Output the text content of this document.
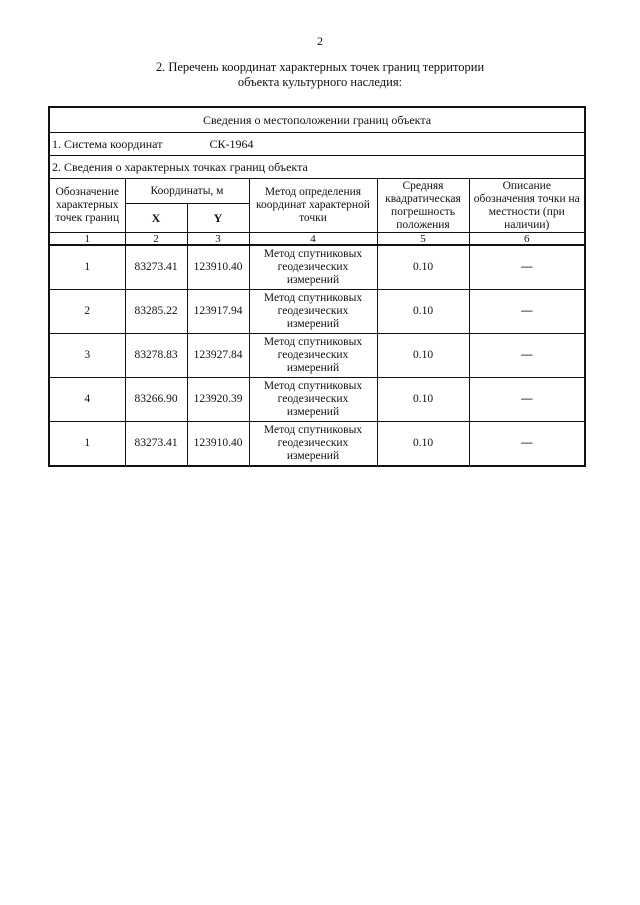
2
2. Перечень координат характерных точек границ территории
объекта культурного наследия:
Сведения о местоположении границ объекта					
1. Система координат СК-1964					
2. Сведения о характерных точках границ объекта					
Обозначение характерных точек границ	Координаты, м		Метод определения координат характерной точки	Средняя квадратическая погрешность положения	Описание обозначения точки на местности (при наличии)
	X	Y			
1	2	3	4	5	6
1	83273.41	123910.40	Метод спутниковых геодезических измерений	0.10	—
2	83285.22	123917.94	Метод спутниковых геодезических измерений	0.10	—
3	83278.83	123927.84	Метод спутниковых геодезических измерений	0.10	—
4	83266.90	123920.39	Метод спутниковых геодезических измерений	0.10	—
1	83273.41	123910.40	Метод спутниковых геодезических измерений	0.10	—
